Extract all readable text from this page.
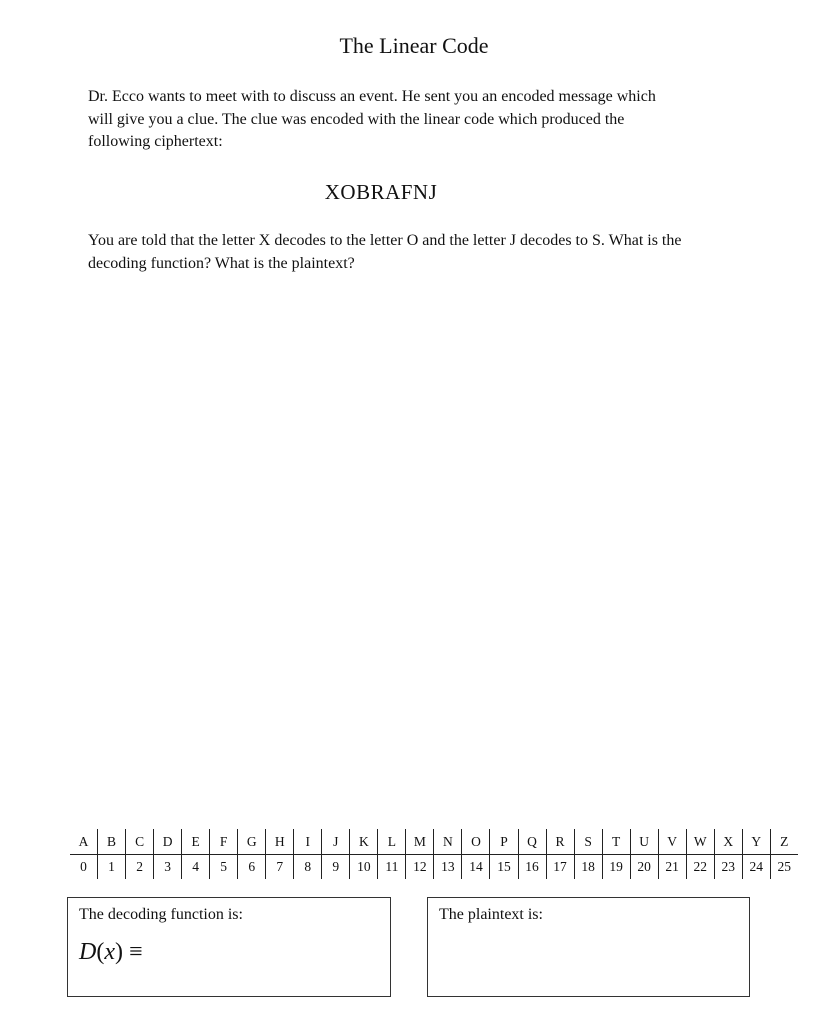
The Linear Code
Dr. Ecco wants to meet with to discuss an event. He sent you an encoded message which
will give you a clue. The clue was encoded with the linear code which produced the
following ciphertext:
XOBRAFNJ
You are told that the letter X decodes to the letter O and the letter J decodes to S. What is the
decoding function? What is the plaintext?
A	B	C	D	E	F	G	H	I	J	K	L	M	N	O	P	Q	R	S	T	U	V	W	X	Y	Z
0	1	2	3	4	5	6	7	8	9	10	11	12	13	14	15	16	17	18	19	20	21	22	23	24	25
The decoding function is:
D(x) ≡
The plaintext is:
